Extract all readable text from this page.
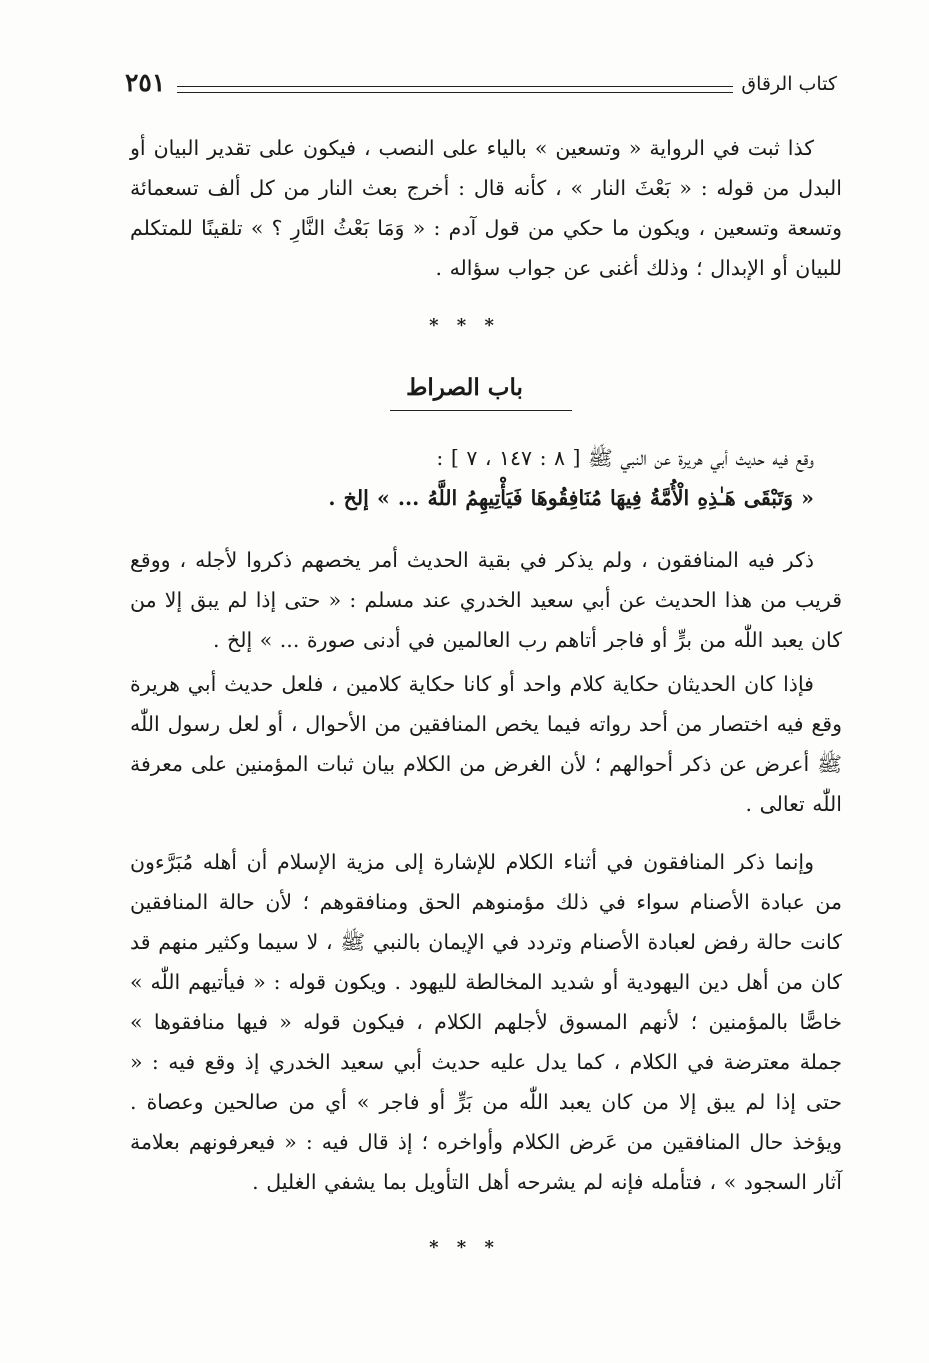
كتاب الرقاق
٢٥١

كذا ثبت في الرواية « وتسعين » بالياء على النصب ، فيكون على تقدير البيان أو البدل من قوله : « بَعْثَ النار » ، كأنه قال : أخرج بعث النار من كل ألف تسعمائة وتسعة وتسعين ، ويكون ما حكي من قول آدم : « وَمَا بَعْثُ النَّارِ ؟ » تلقينًا للمتكلم للبيان أو الإبدال ؛ وذلك أغنى عن جواب سؤاله .

* * *
باب الصراط

وقع فيه حديث أبي هريرة عن النبي ﷺ [ ٨ : ١٤٧ ، ٧ ] :

« وَتَبْقَى هَـٰذِهِ الْأُمَّةُ فِيهَا مُنَافِقُوهَا فَيَأْتِيهِمُ اللَّهُ ... » إلخ .

ذكر فيه المنافقون ، ولم يذكر في بقية الحديث أمر يخصهم ذكروا لأجله ، ووقع قريب من هذا الحديث عن أبي سعيد الخدري عند مسلم : « حتى إذا لم يبق إلا من كان يعبد اللّٰه من برٍّ أو فاجر أتاهم رب العالمين في أدنى صورة ... » إلخ .

فإذا كان الحديثان حكاية كلام واحد أو كانا حكاية كلامين ، فلعل حديث أبي هريرة وقع فيه اختصار من أحد رواته فيما يخص المنافقين من الأحوال ، أو لعل رسول اللّٰه ﷺ أعرض عن ذكر أحوالهم ؛ لأن الغرض من الكلام بيان ثبات المؤمنين على معرفة اللّٰه تعالى .

وإنما ذكر المنافقون في أثناء الكلام للإشارة إلى مزية الإسلام أن أهله مُبَرَّءون من عبادة الأصنام سواء في ذلك مؤمنوهم الحق ومنافقوهم ؛ لأن حالة المنافقين كانت حالة رفض لعبادة الأصنام وتردد في الإيمان بالنبي ﷺ ، لا سيما وكثير منهم قد كان من أهل دين اليهودية أو شديد المخالطة لليهود . ويكون قوله : « فيأتيهم اللّٰه » خاصًّا بالمؤمنين ؛ لأنهم المسوق لأجلهم الكلام ، فيكون قوله « فيها منافقوها » جملة معترضة في الكلام ، كما يدل عليه حديث أبي سعيد الخدري إذ وقع فيه : « حتى إذا لم يبق إلا من كان يعبد اللّٰه من بَرٍّ أو فاجر » أي من صالحين وعصاة . ويؤخذ حال المنافقين من عَرض الكلام وأواخره ؛ إذ قال فيه : « فيعرفونهم بعلامة آثار السجود » ، فتأمله فإنه لم يشرحه أهل التأويل بما يشفي الغليل .

* * *
